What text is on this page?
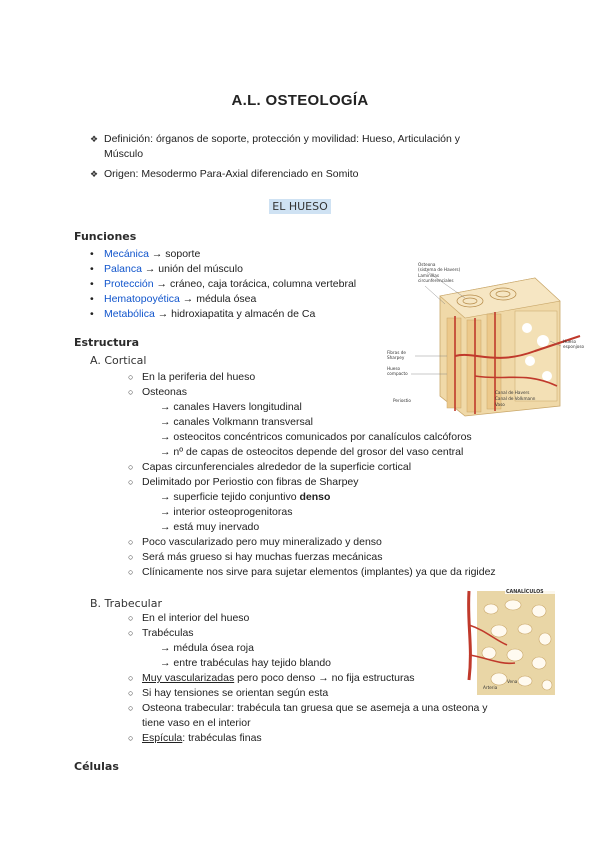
A.L. OSTEOLOGÍA
❖ Definición: órganos de soporte, protección y movilidad: Hueso, Articulación y
Músculo
❖ Origen: Mesodermo Para-Axial diferenciado en Somito
EL HUESO
Funciones
• Mecánica → soporte
• Palanca → unión del músculo
• Protección → cráneo, caja torácica, columna vertebral
• Hematopoyética → médula ósea
• Metabólica → hidroxiapatita y almacén de Ca
Osteona
(sistema de Havers)
Laminillas
circunferenciales
Hueso
esponjoso
Fibras de
Sharpey
Hueso
compacto
Periostio
Canal de Havers
Canal de Volkmann
Vaso
Estructura
A. Cortical
○ En la periferia del hueso
○ Osteonas
→ canales Havers longitudinal
→ canales Volkmann transversal
→ osteocitos concéntricos comunicados por canalículos calcóforos
→ nº de capas de osteocitos depende del grosor del vaso central
○ Capas circunferenciales alrededor de la superficie cortical
○ Delimitado por Periostio con fibras de Sharpey
→ superficie tejido conjuntivo denso
→ interior osteoprogenitoras
→ está muy inervado
○ Poco vascularizado pero muy mineralizado y denso
○ Será más grueso si hay muchas fuerzas mecánicas
○ Clínicamente nos sirve para sujetar elementos (implantes) ya que da rigidez
B. Trabecular
CANALÍCULOS
Arteria
Vena
○ En el interior del hueso
○ Trabéculas
→ médula ósea roja
→ entre trabéculas hay tejido blando
○ Muy vascularizadas pero poco denso → no fija estructuras
○ Si hay tensiones se orientan según esta
○ Osteona trabecular: trabécula tan gruesa que se asemeja a una osteona y
tiene vaso en el interior
○ Espícula: trabéculas finas
Células
